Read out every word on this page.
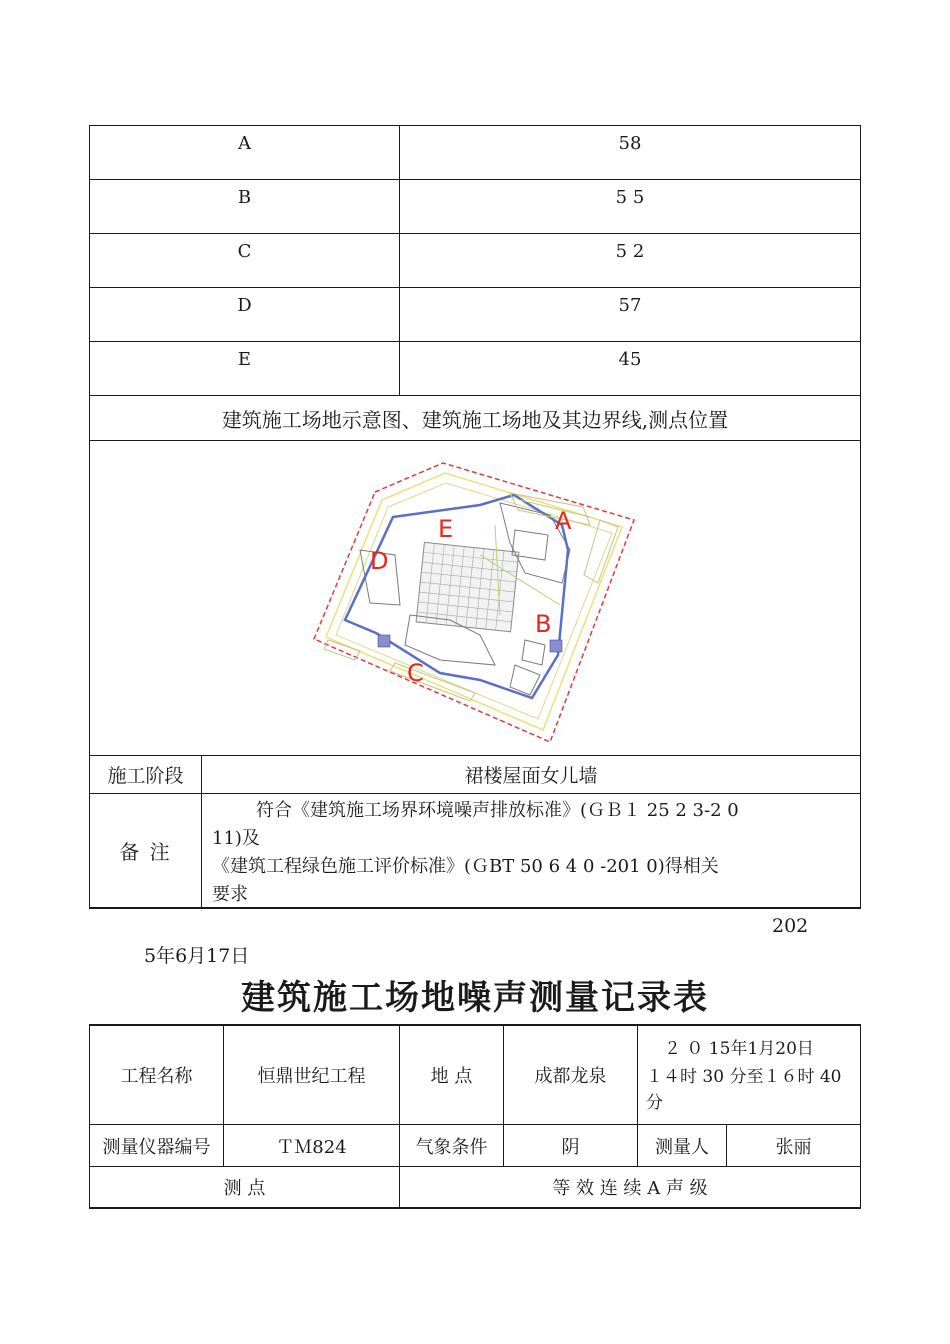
A	58
B	5 5
C	5 2
D	57
E	45
建筑施工场地示意图、建筑施工场地及其边界线,测点位置
A
B
C
D
E
施工阶段	裙楼屋面女儿墙
备 注
符合《建筑施工场界环境噪声排放标准》(ＧＢ１ 25 2 3-2 0
11)及
《建筑工程绿色施工评价标准》(ＧBT 50 6 4 0 -201 0)得相关
要求
202
5年6月17日
建筑施工场地噪声测量记录表
工程名称	恒鼎世纪工程	地 点	成都龙泉
２ ０ 15年1月20日
１４时 30 分至１６时 40
分
测量仪器编号	ＴＭ824	气象条件	阴	测量人	张丽
测 点	等 效 连 续 A 声 级
